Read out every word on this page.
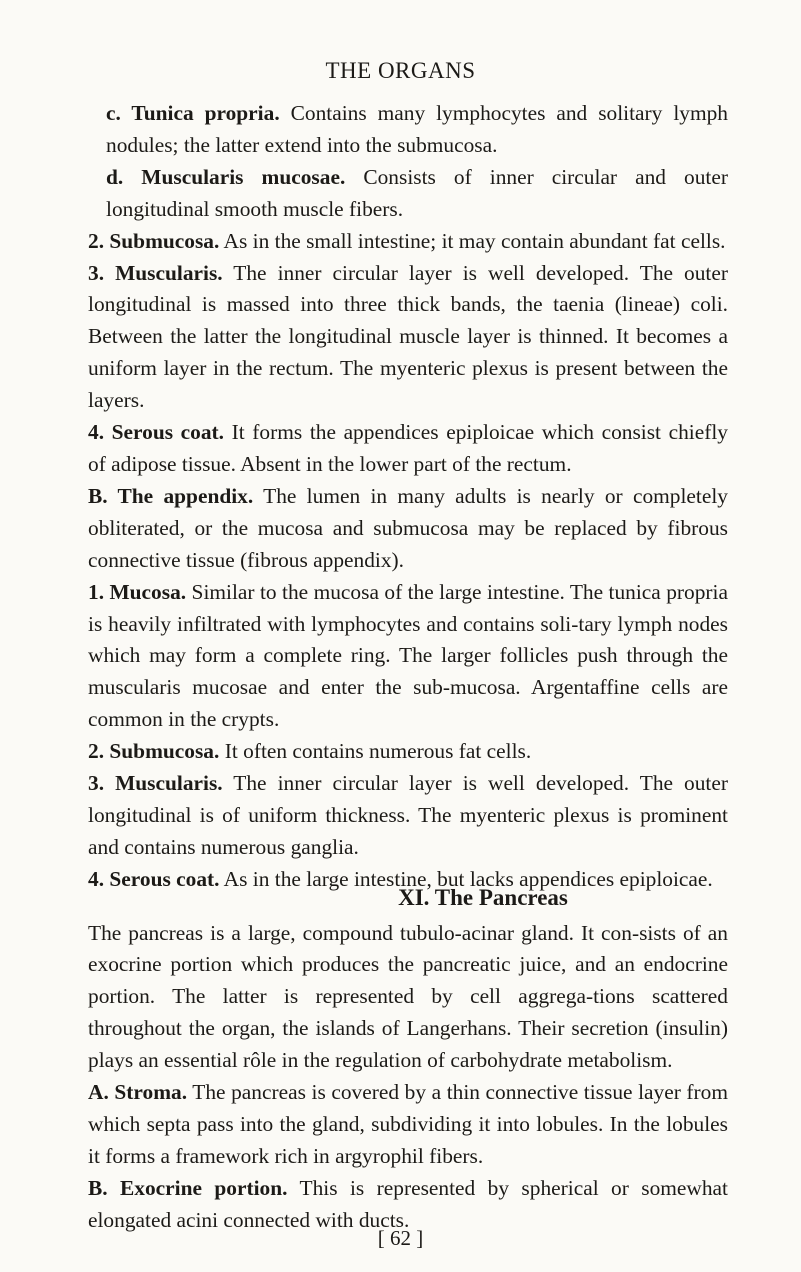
THE ORGANS

c. Tunica propria. Contains many lymphocytes and solitary lymph nodules; the latter extend into the submucosa.

d. Muscularis mucosae. Consists of inner circular and outer longitudinal smooth muscle fibers.

2. Submucosa. As in the small intestine; it may contain abundant fat cells.

3. Muscularis. The inner circular layer is well developed. The outer longitudinal is massed into three thick bands, the taenia (lineae) coli. Between the latter the longitudinal muscle layer is thinned. It becomes a uniform layer in the rectum. The myenteric plexus is present between the layers.

4. Serous coat. It forms the appendices epiploicae which consist chiefly of adipose tissue. Absent in the lower part of the rectum.

B. The appendix. The lumen in many adults is nearly or completely obliterated, or the mucosa and submucosa may be replaced by fibrous connective tissue (fibrous appendix).

1. Mucosa. Similar to the mucosa of the large intestine. The tunica propria is heavily infiltrated with lymphocytes and contains soli-tary lymph nodes which may form a complete ring. The larger follicles push through the muscularis mucosae and enter the sub-mucosa. Argentaffine cells are common in the crypts.

2. Submucosa. It often contains numerous fat cells.

3. Muscularis. The inner circular layer is well developed. The outer longitudinal is of uniform thickness. The myenteric plexus is prominent and contains numerous ganglia.

4. Serous coat. As in the large intestine, but lacks appendices epiploicae.

XI. The Pancreas

The pancreas is a large, compound tubulo-acinar gland. It con-sists of an exocrine portion which produces the pancreatic juice, and an endocrine portion. The latter is represented by cell aggrega-tions scattered throughout the organ, the islands of Langerhans. Their secretion (insulin) plays an essential rôle in the regulation of carbohydrate metabolism.

A. Stroma. The pancreas is covered by a thin connective tissue layer from which septa pass into the gland, subdividing it into lobules. In the lobules it forms a framework rich in argyrophil fibers.

B. Exocrine portion. This is represented by spherical or somewhat elongated acini connected with ducts.

[ 62 ]
